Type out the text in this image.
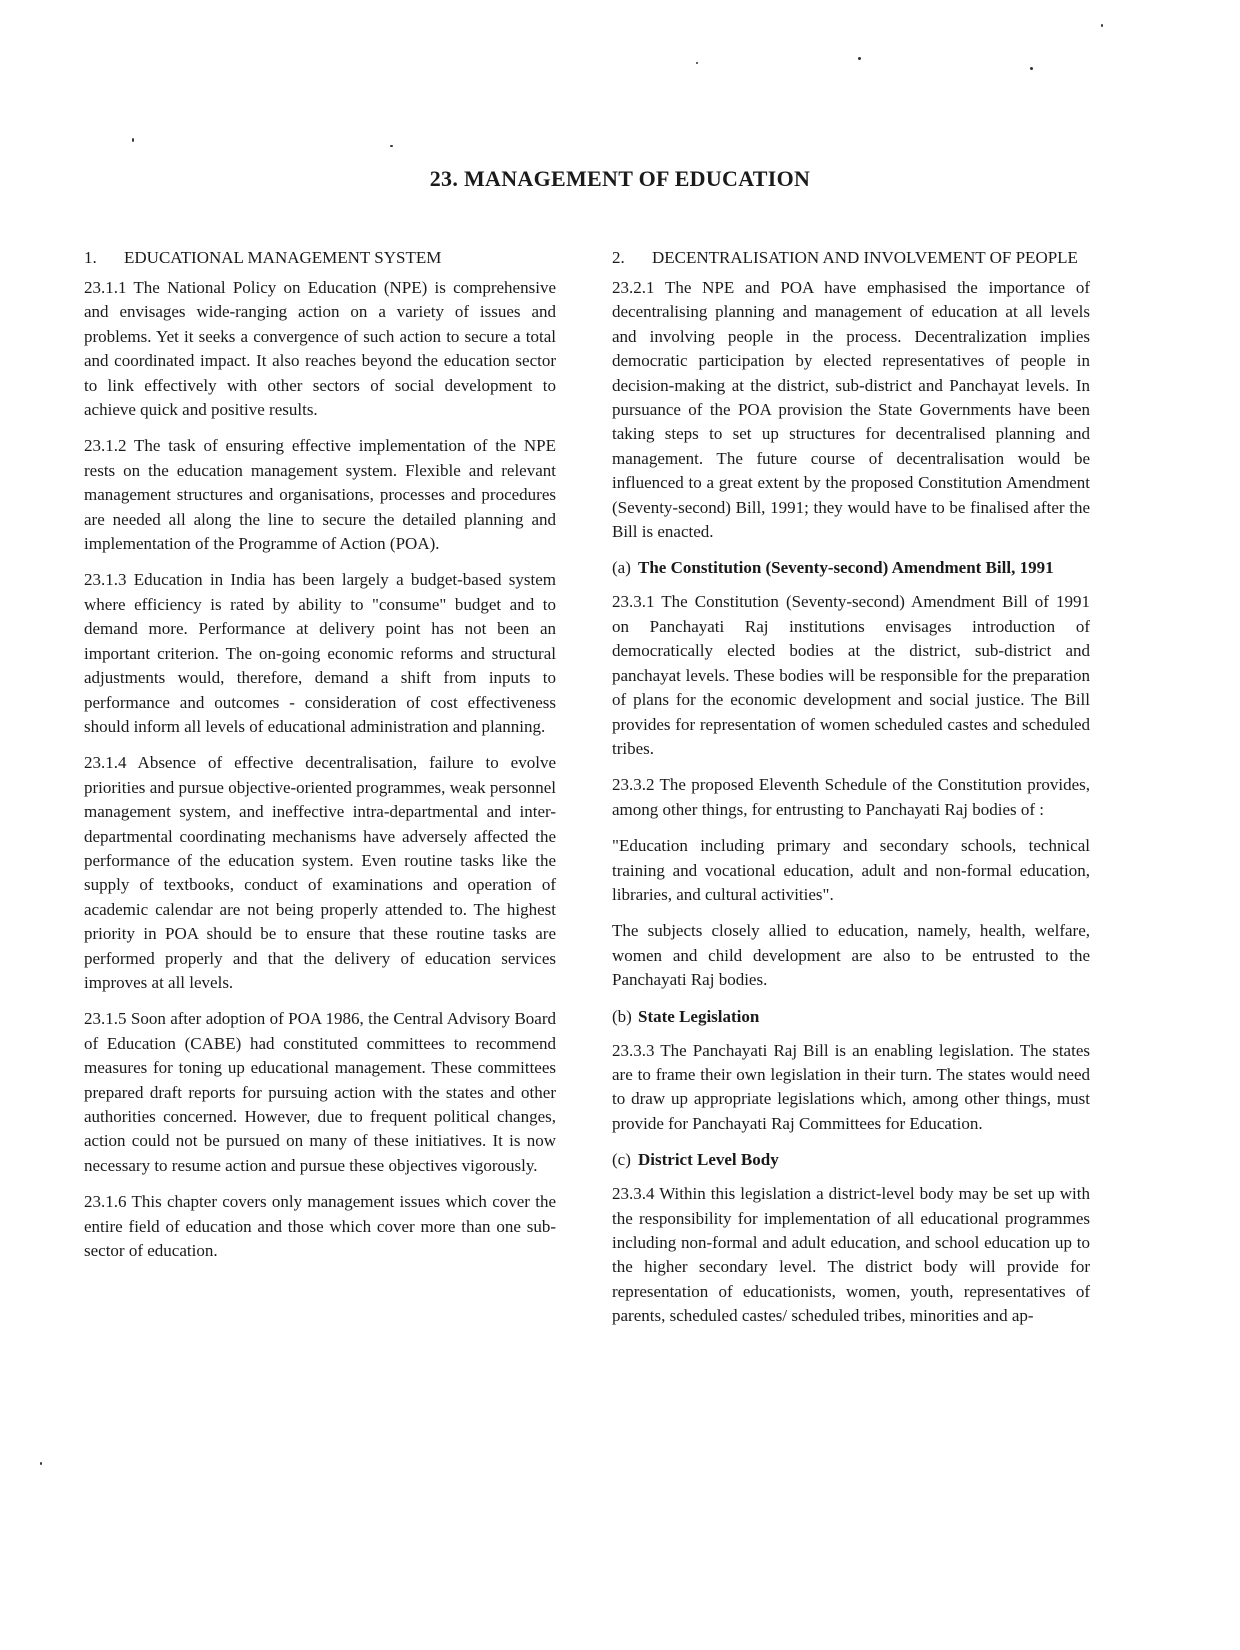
23. MANAGEMENT OF EDUCATION
1.	EDUCATIONAL MANAGEMENT SYSTEM

23.1.1 The National Policy on Education (NPE) is comprehensive and envisages wide-ranging action on a variety of issues and problems. Yet it seeks a convergence of such action to secure a total and coordinated impact. It also reaches beyond the education sector to link effectively with other sectors of social development to achieve quick and positive results.

23.1.2 The task of ensuring effective implementation of the NPE rests on the education management system. Flexible and relevant management structures and organisations, processes and procedures are needed all along the line to secure the detailed planning and implementation of the Programme of Action (POA).

23.1.3 Education in India has been largely a budget-based system where efficiency is rated by ability to "consume" budget and to demand more. Performance at delivery point has not been an important criterion. The on-going economic reforms and structural adjustments would, therefore, demand a shift from inputs to performance and outcomes - consideration of cost effectiveness should inform all levels of educational administration and planning.

23.1.4 Absence of effective decentralisation, failure to evolve priorities and pursue objective-oriented programmes, weak personnel management system, and ineffective intra-departmental and inter-departmental coordinating mechanisms have adversely affected the performance of the education system. Even routine tasks like the supply of textbooks, conduct of examinations and operation of academic calendar are not being properly attended to. The highest priority in POA should be to ensure that these routine tasks are performed properly and that the delivery of education services improves at all levels.

23.1.5 Soon after adoption of POA 1986, the Central Advisory Board of Education (CABE) had constituted committees to recommend measures for toning up educational management. These committees prepared draft reports for pursuing action with the states and other authorities concerned. However, due to frequent political changes, action could not be pursued on many of these initiatives. It is now necessary to resume action and pursue these objectives vigorously.

23.1.6 This chapter covers only management issues which cover the entire field of education and those which cover more than one sub-sector of education.

2.	DECENTRALISATION AND INVOLVEMENT OF PEOPLE

23.2.1 The NPE and POA have emphasised the importance of decentralising planning and management of education at all levels and involving people in the process. Decentralization implies democratic participation by elected representatives of people in decision-making at the district, sub-district and Panchayat levels. In pursuance of the POA provision the State Governments have been taking steps to set up structures for decentralised planning and management. The future course of decentralisation would be influenced to a great extent by the proposed Constitution Amendment (Seventy-second) Bill, 1991; they would have to be finalised after the Bill is enacted.

(a) The Constitution (Seventy-second) Amendment Bill, 1991

23.3.1 The Constitution (Seventy-second) Amendment Bill of 1991 on Panchayati Raj institutions envisages introduction of democratically elected bodies at the district, sub-district and panchayat levels. These bodies will be responsible for the preparation of plans for the economic development and social justice. The Bill provides for representation of women scheduled castes and scheduled tribes.

23.3.2 The proposed Eleventh Schedule of the Constitution provides, among other things, for entrusting to Panchayati Raj bodies of :

"Education including primary and secondary schools, technical training and vocational education, adult and non-formal education, libraries, and cultural activities".

The subjects closely allied to education, namely, health, welfare, women and child development are also to be entrusted to the Panchayati Raj bodies.

(b) State Legislation

23.3.3 The Panchayati Raj Bill is an enabling legislation. The states are to frame their own legislation in their turn. The states would need to draw up appropriate legislations which, among other things, must provide for Panchayati Raj Committees for Education.

(c) District Level Body

23.3.4 Within this legislation a district-level body may be set up with the responsibility for implementation of all educational programmes including non-formal and adult education, and school education up to the higher secondary level. The district body will provide for representation of educationists, women, youth, representatives of parents, scheduled castes/ scheduled tribes, minorities and ap-
